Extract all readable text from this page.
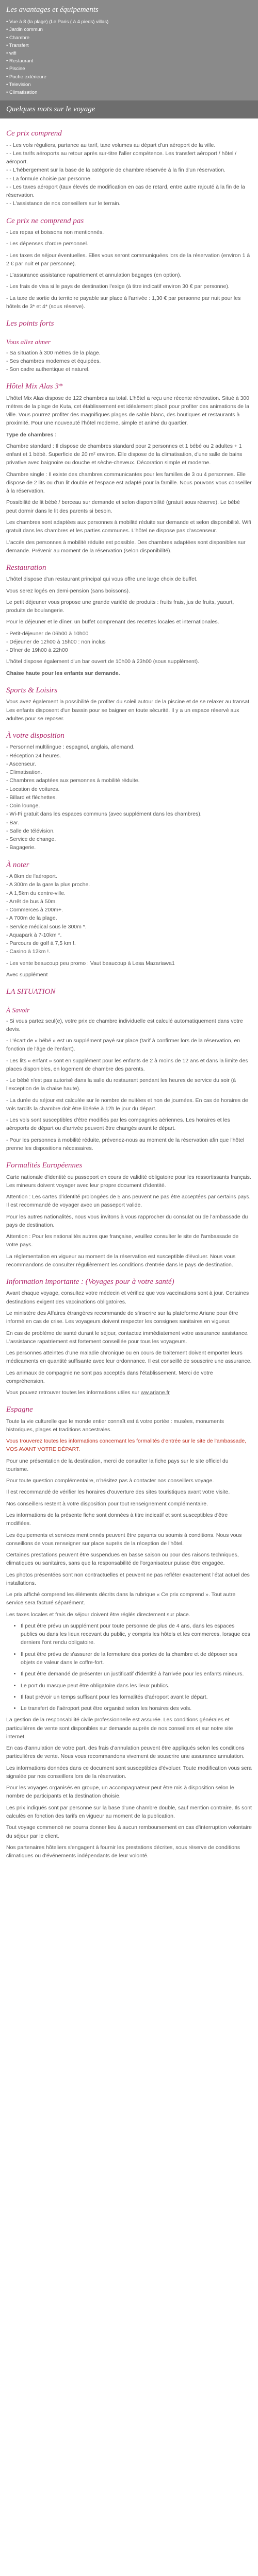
Les avantages et équipements
• Vue à 8 (la plage) (Le Paris ( à 4 pieds) villas)
• Jardin commun
• Chambre
• Transfert
• wifi
• Restaurant
• Piscine
• Poche extérieure
• Television
• Climatisation
Quelques mots sur le voyage
Ce prix comprend
- - Les vols réguliers, partance au tarif, taxe volumes au départ d'un aéroport de la ville.
- - Les tarifs aéroports au retour après sur-titre l'aller compétence. Les transfert aéroport / hôtel / aéroport.
- - L'hébergement sur la base de la catégorie de chambre réservée à la fin d'un réservation.
- - La formule choisie par personne.
- - Les taxes aéroport (taux élevés de modification en cas de retard, entre autre rajouté à la fin de la réservation.
- - L'assistance de nos conseillers sur le terrain.
Ce prix ne comprend pas

- Les repas et boissons non mentionnés.

- Les dépenses d'ordre personnel.

- Les taxes de séjour éventuelles. Elles vous seront communiquées lors de la réservation (environ 1 à 2 € par nuit et par personne).

- L'assurance assistance rapatriement et annulation bagages (en option).

- Les frais de visa si le pays de destination l'exige (à titre indicatif environ 30 € par personne).

- La taxe de sortie du territoire payable sur place à l'arrivée : 1,30 € par personne par nuit pour les hôtels de 3* et 4* (sous réserve).

Les points forts
Vous allez aimer

- Sa situation à 300 mètres de la plage.

- Ses chambres modernes et équipées.

- Son cadre authentique et naturel.

Hôtel Mix Alas 3*

L'hôtel Mix Alas dispose de 122 chambres au total. L'hôtel a reçu une récente rénovation. Situé à 300 mètres de la plage de Kuta, cet établissement est idéalement placé pour profiter des animations de la ville. Vous pourrez profiter des magnifiques plages de sable blanc, des boutiques et restaurants à proximité. Pour une nouveauté l'hôtel moderne, simple et animé du quartier.

Type de chambres :

Chambre standard : Il dispose de chambres standard pour 2 personnes et 1 bébé ou 2 adultes + 1 enfant et 1 bébé. Superficie de 20 m² environ. Elle dispose de la climatisation, d'une salle de bains privative avec baignoire ou douche et sèche-cheveux. Décoration simple et moderne.

Chambre single : Il existe des chambres communicantes pour les familles de 3 ou 4 personnes. Elle dispose de 2 lits ou d'un lit double et l'espace est adapté pour la famille. Nous pouvons vous conseiller à la réservation.

Possibilité de lit bébé / berceau sur demande et selon disponibilité (gratuit sous réserve). Le bébé peut dormir dans le lit des parents si besoin.

Les chambres sont adaptées aux personnes à mobilité réduite sur demande et selon disponibilité. Wifi gratuit dans les chambres et les parties communes. L'hôtel ne dispose pas d'ascenseur.

L'accès des personnes à mobilité réduite est possible. Des chambres adaptées sont disponibles sur demande. Prévenir au moment de la réservation (selon disponibilité).

Restauration

L'hôtel dispose d'un restaurant principal qui vous offre une large choix de buffet.

Vous serez logés en demi-pension (sans boissons).

Le petit déjeuner vous propose une grande variété de produits : fruits frais, jus de fruits, yaourt, produits de boulangerie.

Pour le déjeuner et le dîner, un buffet comprenant des recettes locales et internationales.

- Petit-déjeuner de 06h00 à 10h00

- Déjeuner de 12h00 à 15h00 : non inclus

- Dîner de 19h00 à 22h00

L'hôtel dispose également d'un bar ouvert de 10h00 à 23h00 (sous supplément).

Chaise haute pour les enfants sur demande.

Sports & Loisirs

Vous avez également la possibilité de profiter du soleil autour de la piscine et de se relaxer au transat. Les enfants disposent d'un bassin pour se baigner en toute sécurité. Il y a un espace réservé aux adultes pour se reposer.

À votre disposition

- Personnel multilingue : espagnol, anglais, allemand.

- Réception 24 heures.

- Ascenseur.

- Climatisation.

- Chambres adaptées aux personnes à mobilité réduite.

- Location de voitures.

- Billard et fléchettes.

- Coin lounge.

- Wi-Fi gratuit dans les espaces communs (avec supplément dans les chambres).

- Bar.

- Salle de télévision.

- Service de change.

- Bagagerie.

À noter

- A 8km de l'aéroport.

- A 300m de la gare la plus proche.

- A 1,5km du centre-ville.

- Arrêt de bus à 50m.

- Commerces à 200m+.

- A 700m de la plage.

- Service médical sous le 300m *.

- Aquapark à 7-10km *.

- Parcours de golf à 7,5 km !.

- Casino à 12km !.

- Les vente beaucoup peu promo : Vaut beaucoup à Lesa Mazariawa1

Avec supplément

LA SITUATION
À Savoir

- Si vous partez seul(e), votre prix de chambre individuelle est calculé automatiquement dans votre devis.

- L'écart de « bébé » est un supplément payé sur place (tarif à confirmer lors de la réservation, en fonction de l'âge de l'enfant).

- Les lits « enfant » sont en supplément pour les enfants de 2 à moins de 12 ans et dans la limite des places disponibles, en logement de chambre des parents.

- Le bébé n'est pas autorisé dans la salle du restaurant pendant les heures de service du soir (à l'exception de la chaise haute).

- La durée du séjour est calculée sur le nombre de nuitées et non de journées. En cas de horaires de vols tardifs la chambre doit être libérée à 12h le jour du départ.

- Les vols sont susceptibles d'être modifiés par les compagnies aériennes. Les horaires et les aéroports de départ ou d'arrivée peuvent être changés avant le départ.

- Pour les personnes à mobilité réduite, prévenez-nous au moment de la réservation afin que l'hôtel prenne les dispositions nécessaires.

Formalités Européennes

Carte nationale d'identité ou passeport en cours de validité obligatoire pour les ressortissants français. Les mineurs doivent voyager avec leur propre document d'identité.

Attention : Les cartes d'identité prolongées de 5 ans peuvent ne pas être acceptées par certains pays. Il est recommandé de voyager avec un passeport valide.

Pour les autres nationalités, nous vous invitons à vous rapprocher du consulat ou de l'ambassade du pays de destination.

Attention : Pour les nationalités autres que française, veuillez consulter le site de l'ambassade de votre pays.

La réglementation en vigueur au moment de la réservation est susceptible d'évoluer. Nous vous recommandons de consulter régulièrement les conditions d'entrée dans le pays de destination.

Information importante : (Voyages pour à votre santé)

Avant chaque voyage, consultez votre médecin et vérifiez que vos vaccinations sont à jour. Certaines destinations exigent des vaccinations obligatoires.

Le ministère des Affaires étrangères recommande de s'inscrire sur la plateforme Ariane pour être informé en cas de crise. Les voyageurs doivent respecter les consignes sanitaires en vigueur.

En cas de problème de santé durant le séjour, contactez immédiatement votre assurance assistance. L'assistance rapatriement est fortement conseillée pour tous les voyageurs.

Les personnes atteintes d'une maladie chronique ou en cours de traitement doivent emporter leurs médicaments en quantité suffisante avec leur ordonnance. Il est conseillé de souscrire une assurance.

Les animaux de compagnie ne sont pas acceptés dans l'établissement. Merci de votre compréhension.

Vous pouvez retrouver toutes les informations utiles sur ww.ariane.fr

Espagne

Toute la vie culturelle que le monde entier connaît est à votre portée : musées, monuments historiques, plages et traditions ancestrales.

Vous trouverez toutes les informations concernant les formalités d'entrée sur le site de l'ambassade, VOS AVANT VOTRE DÉPART.

Pour une présentation de la destination, merci de consulter la fiche pays sur le site officiel du tourisme.

Pour toute question complémentaire, n'hésitez pas à contacter nos conseillers voyage.

Il est recommandé de vérifier les horaires d'ouverture des sites touristiques avant votre visite.

Nos conseillers restent à votre disposition pour tout renseignement complémentaire.

Les informations de la présente fiche sont données à titre indicatif et sont susceptibles d'être modifiées.

Les équipements et services mentionnés peuvent être payants ou soumis à conditions. Nous vous conseillons de vous renseigner sur place auprès de la réception de l'hôtel.

Certaines prestations peuvent être suspendues en basse saison ou pour des raisons techniques, climatiques ou sanitaires, sans que la responsabilité de l'organisateur puisse être engagée.

Les photos présentées sont non contractuelles et peuvent ne pas refléter exactement l'état actuel des installations.

Le prix affiché comprend les éléments décrits dans la rubrique « Ce prix comprend ». Tout autre service sera facturé séparément.

Les taxes locales et frais de séjour doivent être réglés directement sur place.

• Il peut être prévu un supplément pour toute personne de plus de 4 ans, dans les espaces publics ou dans les lieux recevant du public, y compris les hôtels et les commerces, lorsque ces derniers l'ont rendu obligatoire.
• Il peut être prévu de s'assurer de la fermeture des portes de la chambre et de déposer ses objets de valeur dans le coffre-fort.
• Il peut être demandé de présenter un justificatif d'identité à l'arrivée pour les enfants mineurs.
• Le port du masque peut être obligatoire dans les lieux publics.
• Il faut prévoir un temps suffisant pour les formalités d'aéroport avant le départ.
• Le transfert de l'aéroport peut être organisé selon les horaires des vols.

La gestion de la responsabilité civile professionnelle est assurée. Les conditions générales et particulières de vente sont disponibles sur demande auprès de nos conseillers et sur notre site internet.

En cas d'annulation de votre part, des frais d'annulation peuvent être appliqués selon les conditions particulières de vente. Nous vous recommandons vivement de souscrire une assurance annulation.

Les informations données dans ce document sont susceptibles d'évoluer. Toute modification vous sera signalée par nos conseillers lors de la réservation.

Pour les voyages organisés en groupe, un accompagnateur peut être mis à disposition selon le nombre de participants et la destination choisie.

Les prix indiqués sont par personne sur la base d'une chambre double, sauf mention contraire. Ils sont calculés en fonction des tarifs en vigueur au moment de la publication.

Tout voyage commencé ne pourra donner lieu à aucun remboursement en cas d'interruption volontaire du séjour par le client.

Nos partenaires hôteliers s'engagent à fournir les prestations décrites, sous réserve de conditions climatiques ou d'événements indépendants de leur volonté.
